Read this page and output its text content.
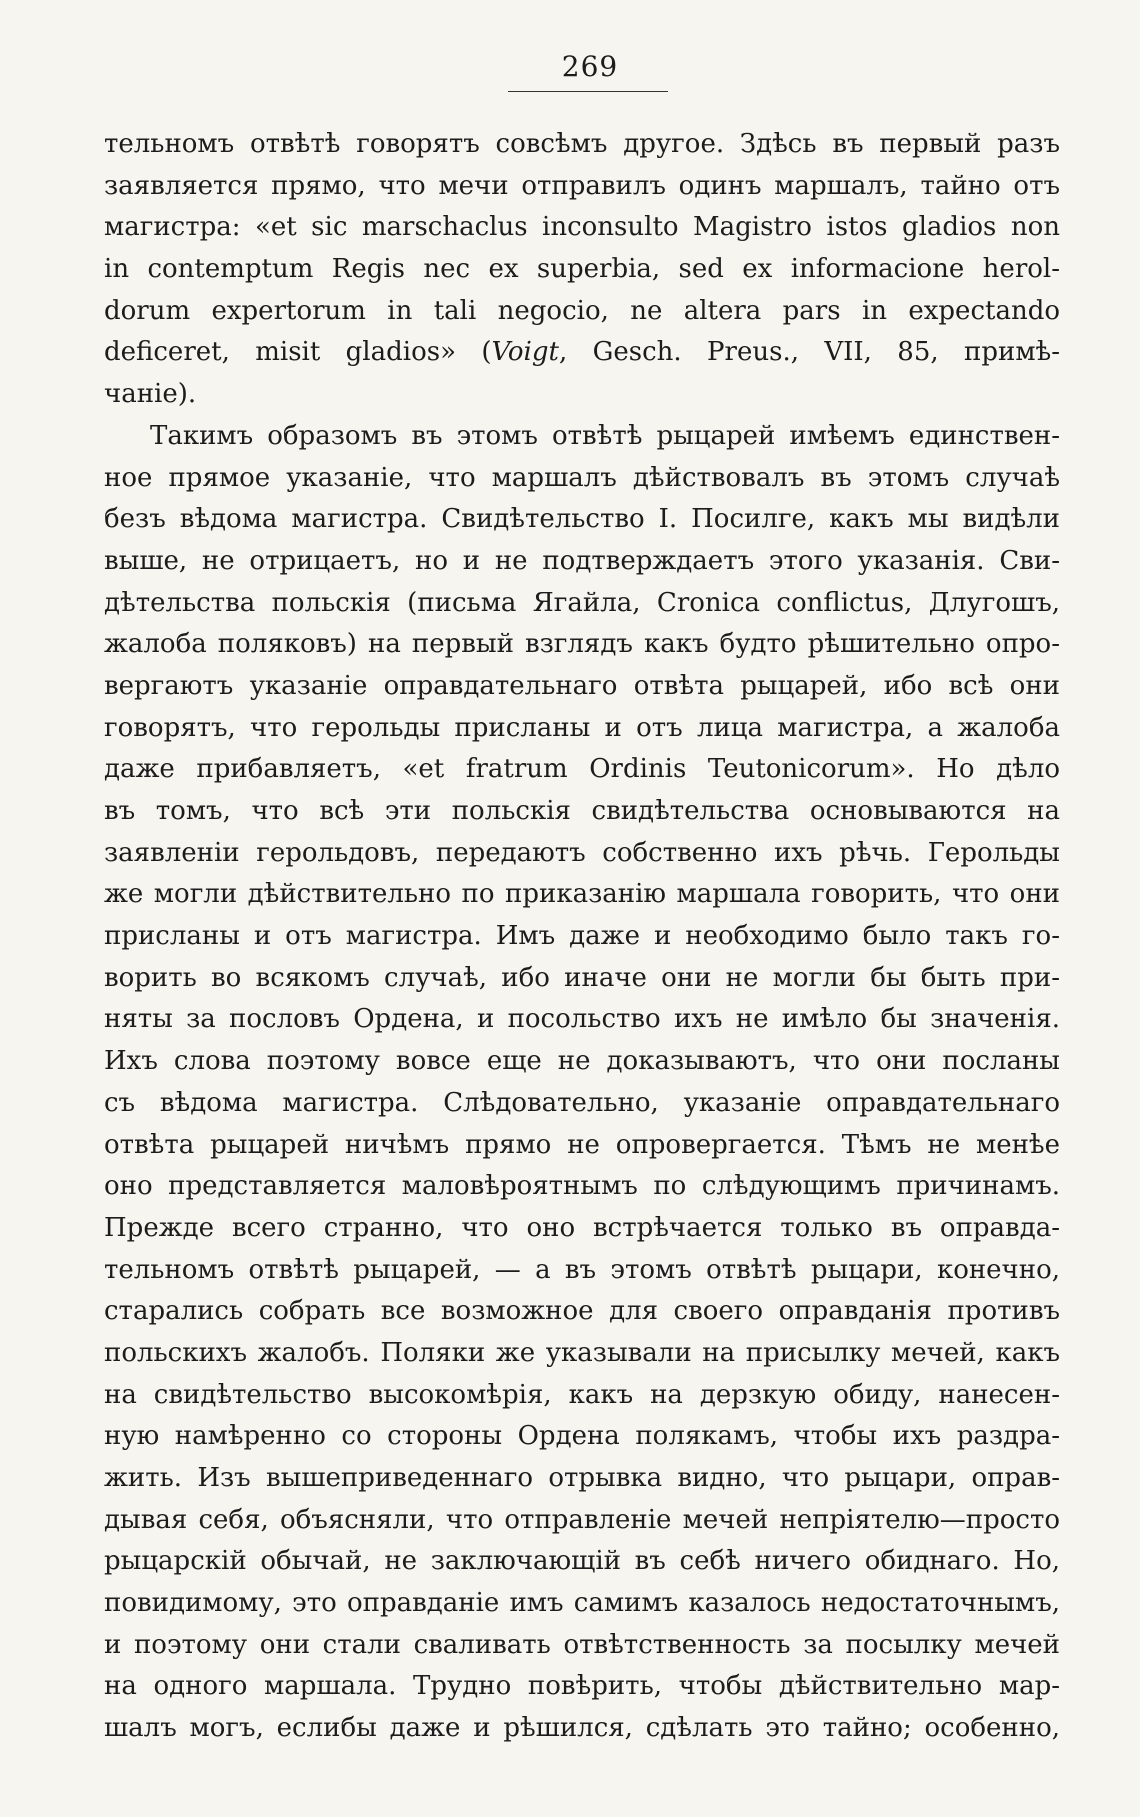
269
тельномъ отвѣтѣ говорятъ совсѣмъ другое. Здѣсь въ первый разъ
заявляется прямо, что мечи отправилъ одинъ маршалъ, тайно отъ
магистра: «et sic marschaclus inconsulto Magistro istos gladios non
in contemptum Regis nec ex superbia, sed ex informacione herol-
dorum expertorum in tali negocio, ne altera pars in expectando
deficeret, misit gladios» (Voigt, Gesch. Preus., VII, 85, примѣ-
чаніе).
Такимъ образомъ въ этомъ отвѣтѣ рыцарей имѣемъ единствен-
ное прямое указаніе, что маршалъ дѣйствовалъ въ этомъ случаѣ
безъ вѣдома магистра. Свидѣтельство І. Посилге, какъ мы видѣли
выше, не отрицаетъ, но и не подтверждаетъ этого указанія. Сви-
дѣтельства польскія (письма Ягайла, Cronica conflictus, Длугошъ,
жалоба поляковъ) на первый взглядъ какъ будто рѣшительно опро-
вергаютъ указаніе оправдательнаго отвѣта рыцарей, ибо всѣ они
говорятъ, что герольды присланы и отъ лица магистра, а жалоба
даже прибавляетъ, «et fratrum Ordinis Teutonicorum». Но дѣло
въ томъ, что всѣ эти польскія свидѣтельства основываются на
заявленіи герольдовъ, передаютъ собственно ихъ рѣчь. Герольды
же могли дѣйствительно по приказанію маршала говорить, что они
присланы и отъ магистра. Имъ даже и необходимо было такъ го-
ворить во всякомъ случаѣ, ибо иначе они не могли бы быть при-
няты за пословъ Ордена, и посольство ихъ не имѣло бы значенія.
Ихъ слова поэтому вовсе еще не доказываютъ, что они посланы
съ вѣдома магистра. Слѣдовательно, указаніе оправдательнаго
отвѣта рыцарей ничѣмъ прямо не опровергается. Тѣмъ не менѣе
оно представляется маловѣроятнымъ по слѣдующимъ причинамъ.
Прежде всего странно, что оно встрѣчается только въ оправда-
тельномъ отвѣтѣ рыцарей, — а въ этомъ отвѣтѣ рыцари, конечно,
старались собрать все возможное для своего оправданія противъ
польскихъ жалобъ. Поляки же указывали на присылку мечей, какъ
на свидѣтельство высокомѣрія, какъ на дерзкую обиду, нанесен-
ную намѣренно со стороны Ордена полякамъ, чтобы ихъ раздра-
жить. Изъ вышеприведеннаго отрывка видно, что рыцари, оправ-
дывая себя, объясняли, что отправленіе мечей непріятелю—просто
рыцарскій обычай, не заключающій въ себѣ ничего обиднаго. Но,
повидимому, это оправданіе имъ самимъ казалось недостаточнымъ,
и поэтому они стали сваливать отвѣтственность за посылку мечей
на одного маршала. Трудно повѣрить, чтобы дѣйствительно мар-
шалъ могъ, еслибы даже и рѣшился, сдѣлать это тайно; особенно,
